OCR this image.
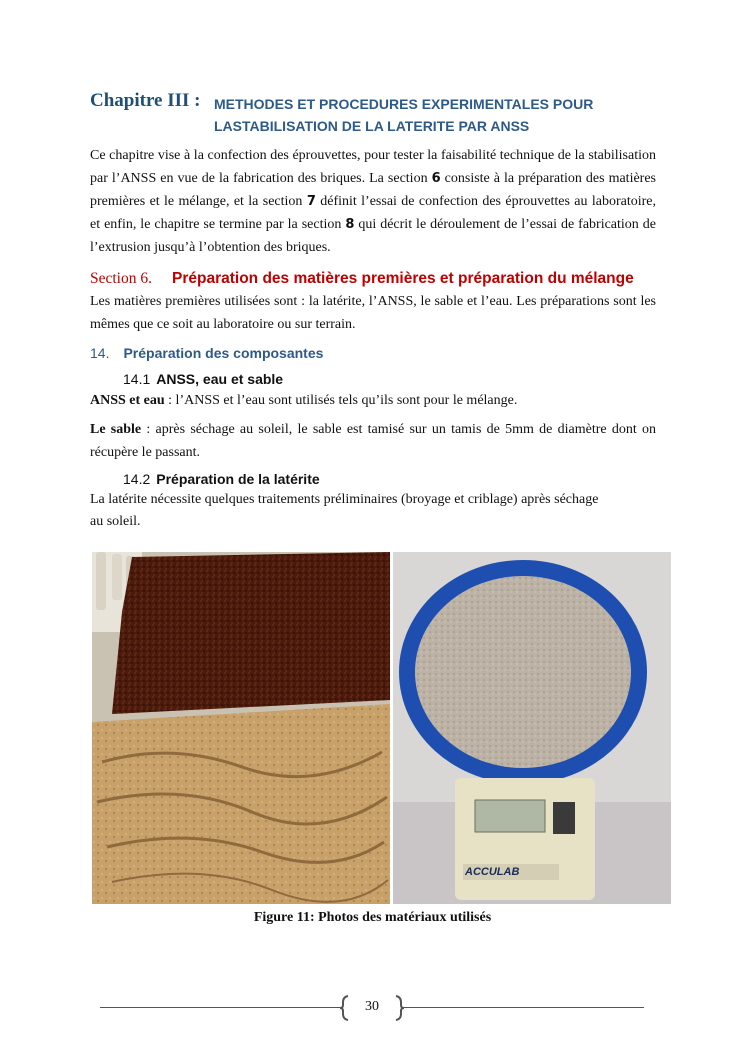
Chapitre III : METHODES ET PROCEDURES EXPERIMENTALES POUR
LASTABILISATION DE LA LATERITE PAR ANSS
Ce chapitre vise à la confection des éprouvettes, pour tester la faisabilité technique de la stabilisation par l’ANSS en vue de la fabrication des briques. La section 6 consiste à la préparation des matières premières et le mélange, et la section 7 définit l’essai de confection des éprouvettes au laboratoire, et enfin, le chapitre se termine par la section 8 qui décrit le déroulement de l’essai de fabrication de l’extrusion jusqu’à l’obtention des briques.
Section 6. Préparation des matières premières et préparation du mélange
Les matières premières utilisées sont : la latérite, l’ANSS, le sable et l’eau. Les préparations sont les mêmes que ce soit au laboratoire ou sur terrain.
14. Préparation des composantes
14.1 ANSS, eau et sable
ANSS et eau : l’ANSS et l’eau sont utilisés tels qu’ils sont pour le mélange.
Le sable : après séchage au soleil, le sable est tamisé sur un tamis de 5mm de diamètre dont on récupère le passant.
14.2 Préparation de la latérite
La latérite nécessite quelques traitements préliminaires (broyage et criblage) après séchage
au soleil.
ACCULAB
Figure 11: Photos des matériaux utilisés
30
